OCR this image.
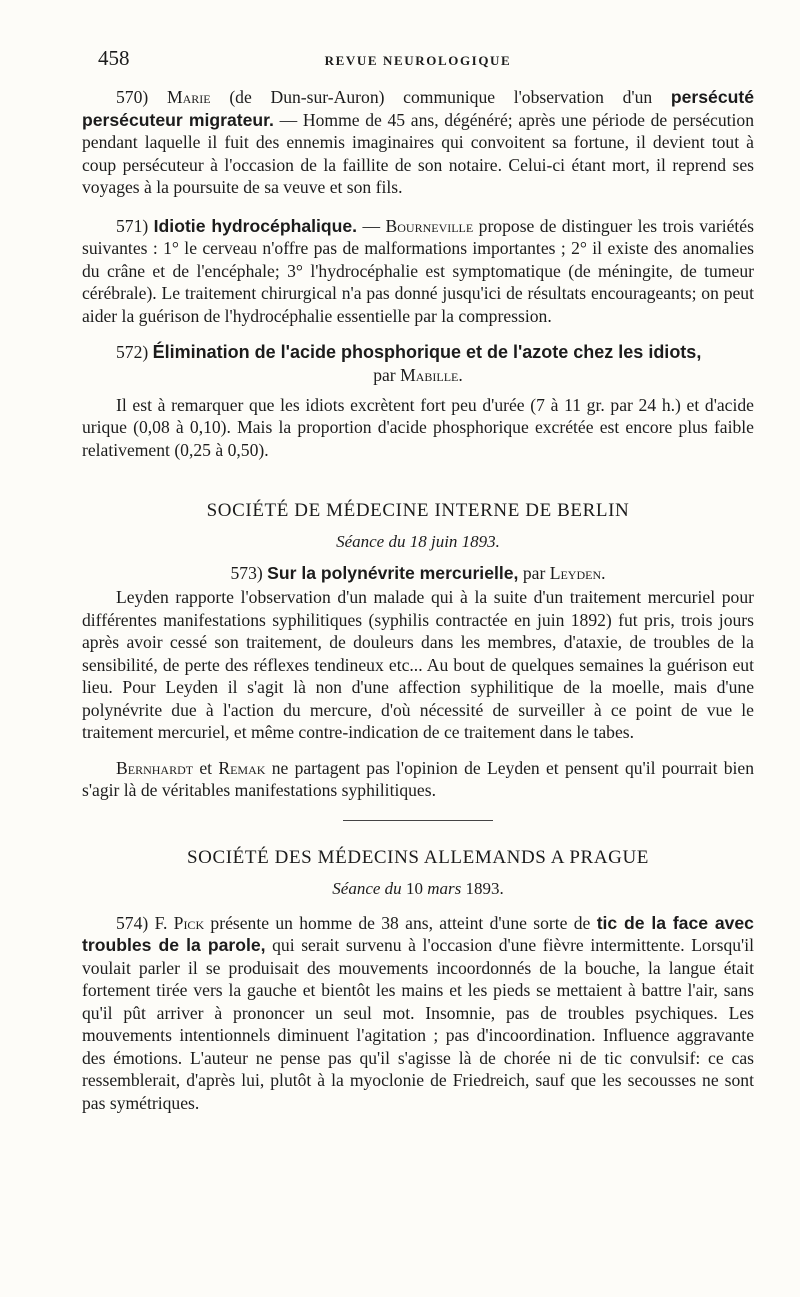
458	REVUE NEUROLOGIQUE

570) Marie (de Dun-sur-Auron) communique l'observation d'un persécuté persécuteur migrateur. — Homme de 45 ans, dégénéré; après une période de persécution pendant laquelle il fuit des ennemis imaginaires qui convoitent sa fortune, il devient tout à coup persécuteur à l'occasion de la faillite de son notaire. Celui-ci étant mort, il reprend ses voyages à la poursuite de sa veuve et son fils.

571) Idiotie hydrocéphalique. — Bourneville propose de distinguer les trois variétés suivantes : 1° le cerveau n'offre pas de malformations importantes ; 2° il existe des anomalies du crâne et de l'encéphale; 3° l'hydrocéphalie est symptomatique (de méningite, de tumeur cérébrale). Le traitement chirurgical n'a pas donné jusqu'ici de résultats encourageants; on peut aider la guérison de l'hydrocéphalie essentielle par la compression.

572) Élimination de l'acide phosphorique et de l'azote chez les idiots,

par Mabille.

Il est à remarquer que les idiots excrètent fort peu d'urée (7 à 11 gr. par 24 h.) et d'acide urique (0,08 à 0,10). Mais la proportion d'acide phosphorique excrétée est encore plus faible relativement (0,25 à 0,50).

SOCIÉTÉ DE MÉDECINE INTERNE DE BERLIN
Séance du 18 juin 1893.
573) Sur la polynévrite mercurielle, par Leyden.

Leyden rapporte l'observation d'un malade qui à la suite d'un traitement mercuriel pour différentes manifestations syphilitiques (syphilis contractée en juin 1892) fut pris, trois jours après avoir cessé son traitement, de douleurs dans les membres, d'ataxie, de troubles de la sensibilité, de perte des réflexes tendineux etc... Au bout de quelques semaines la guérison eut lieu. Pour Leyden il s'agit là non d'une affection syphilitique de la moelle, mais d'une polynévrite due à l'action du mercure, d'où nécessité de surveiller à ce point de vue le traitement mercuriel, et même contre-indication de ce traitement dans le tabes.

Bernhardt et Remak ne partagent pas l'opinion de Leyden et pensent qu'il pourrait bien s'agir là de véritables manifestations syphilitiques.

SOCIÉTÉ DES MÉDECINS ALLEMANDS A PRAGUE
Séance du 10 mars 1893.

574) F. Pick présente un homme de 38 ans, atteint d'une sorte de tic de la face avec troubles de la parole, qui serait survenu à l'occasion d'une fièvre intermittente. Lorsqu'il voulait parler il se produisait des mouvements incoordonnés de la bouche, la langue était fortement tirée vers la gauche et bientôt les mains et les pieds se mettaient à battre l'air, sans qu'il pût arriver à prononcer un seul mot. Insomnie, pas de troubles psychiques. Les mouvements intentionnels diminuent l'agitation ; pas d'incoordination. Influence aggravante des émotions. L'auteur ne pense pas qu'il s'agisse là de chorée ni de tic convulsif: ce cas ressemblerait, d'après lui, plutôt à la myoclonie de Friedreich, sauf que les secousses ne sont pas symétriques.
